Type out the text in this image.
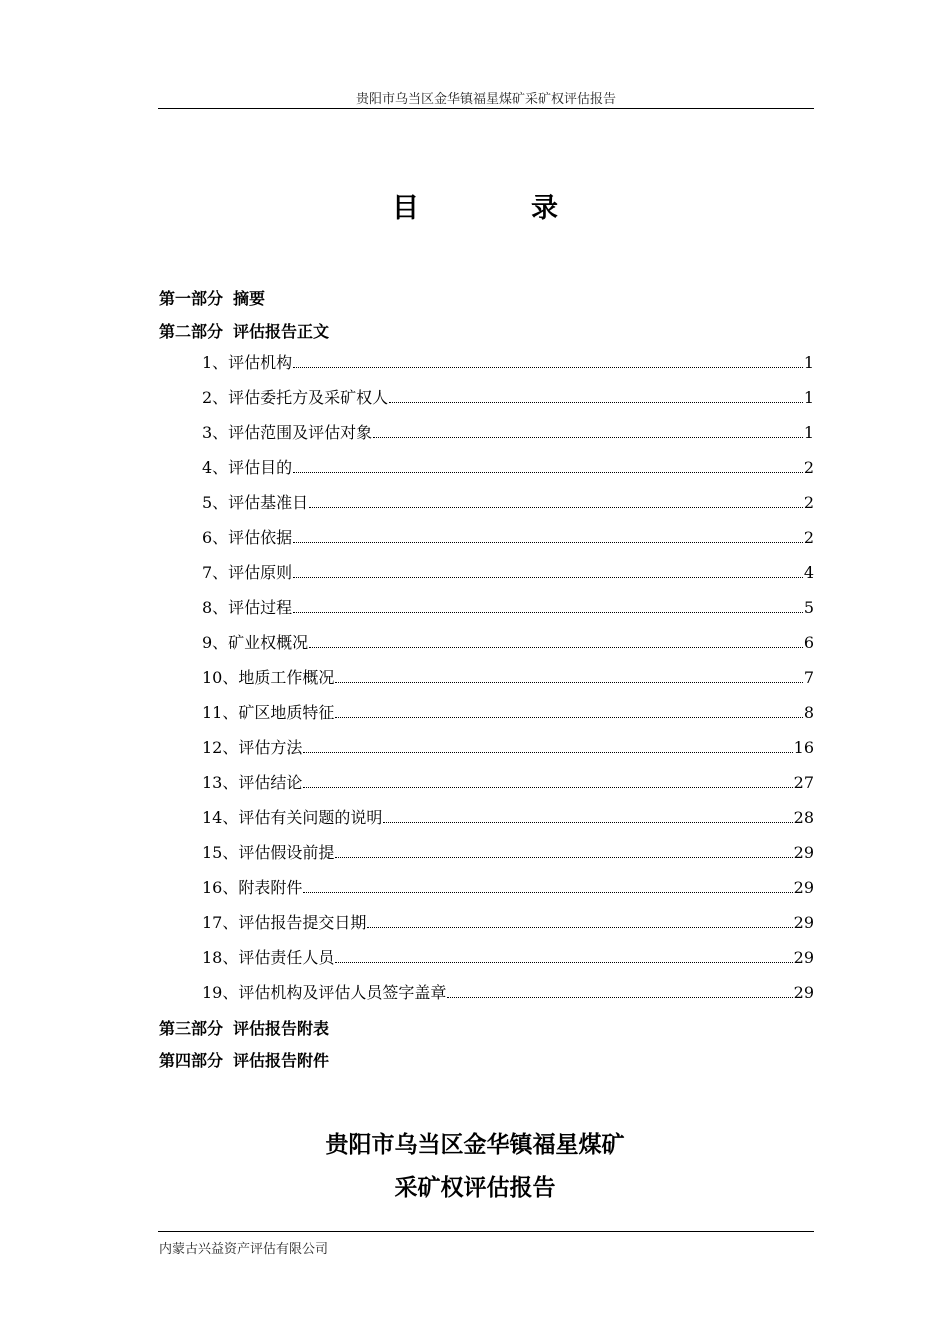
贵阳市乌当区金华镇福星煤矿采矿权评估报告
目	录
第一部分 摘要
第二部分 评估报告正文
1、评估机构	1
2、评估委托方及采矿权人	1
3、评估范围及评估对象	1
4、评估目的	2
5、评估基准日	2
6、评估依据	2
7、评估原则	4
8、评估过程	5
9、矿业权概况	6
10、地质工作概况	7
11、矿区地质特征	8
12、评估方法	16
13、评估结论	27
14、评估有关问题的说明	28
15、评估假设前提	29
16、附表附件	29
17、评估报告提交日期	29
18、评估责任人员	29
19、评估机构及评估人员签字盖章	29
第三部分 评估报告附表
第四部分 评估报告附件
贵阳市乌当区金华镇福星煤矿
采矿权评估报告
内蒙古兴益资产评估有限公司
